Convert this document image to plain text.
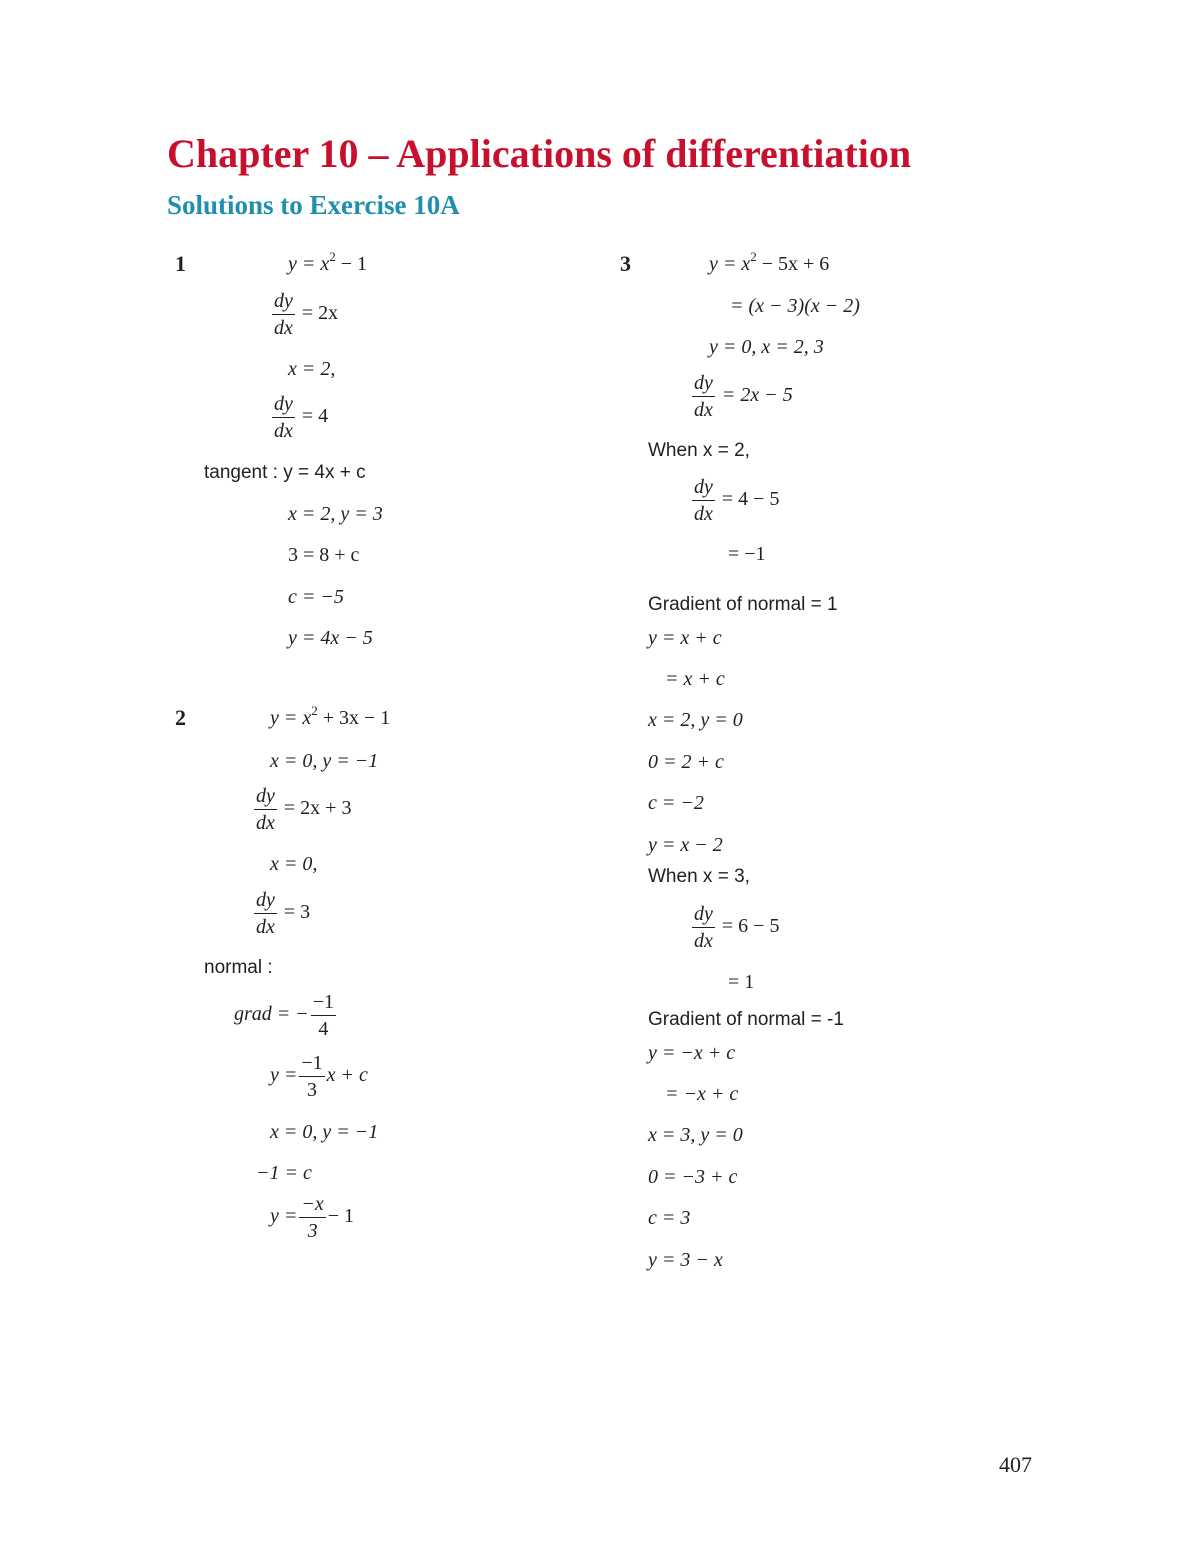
Chapter 10 – Applications of differentiation
Solutions to Exercise 10A
1	$y = x^2 - 1$
$\frac{dy}{dx} = 2x$
x = 2,
$\frac{dy}{dx} = 4$
tangent : y = 4x + c
x = 2, y = 3
3 = 8 + c
c = −5
y = 4x − 5
2	$y = x^2 + 3x - 1$
x = 0, y = −1
$\frac{dy}{dx} = 2x + 3$
x = 0,
$\frac{dy}{dx} = 3$
normal :
grad = − $\frac{-1}{4}$
$y = \frac{-1}{3}$ x + c
x = 0, y = −1
−1 = c
$y = \frac{-x}{3} - 1$
3	$y = x^2 - 5x + 6$
= (x − 3)(x − 2)
y = 0, x = 2, 3
$\frac{dy}{dx} = 2x - 5$
When x = 2,
$\frac{dy}{dx} = 4 - 5$
= −1
Gradient of normal = 1
y = x + c
= x + c
x = 2, y = 0
0 = 2 + c
c = −2
y = x − 2
When x = 3,
$\frac{dy}{dx} = 6 - 5$
= 1
Gradient of normal = -1
y = −x + c
= −x + c
x = 3, y = 0
0 = −3 + c
c = 3
y = 3 − x
407
